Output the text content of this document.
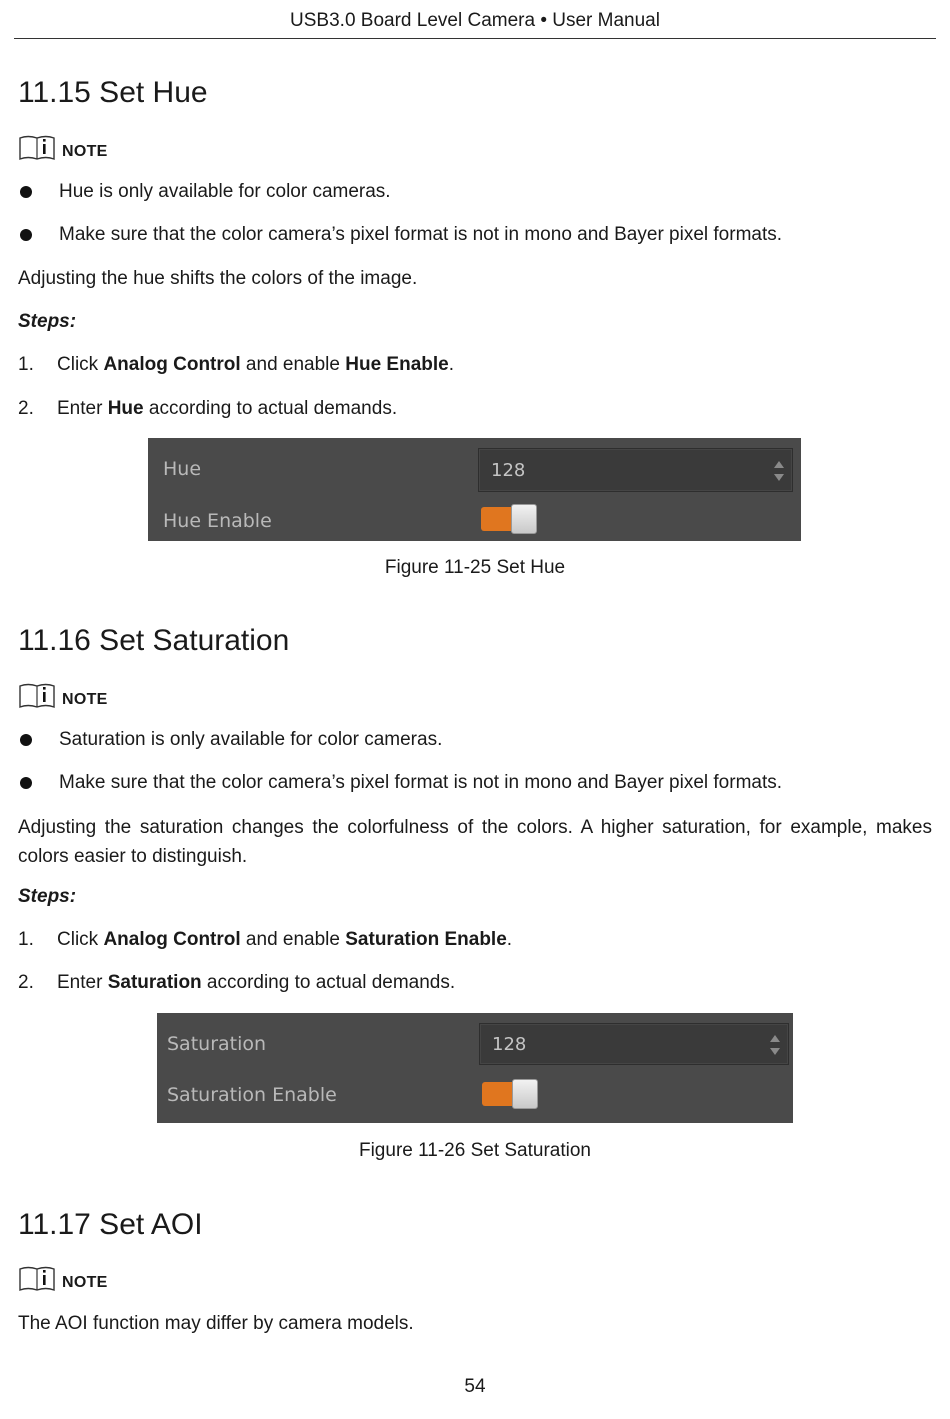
USB3.0 Board Level Camera • User Manual
11.15 Set Hue
NOTE
Hue is only available for color cameras.
Make sure that the color camera’s pixel format is not in mono and Bayer pixel formats.
Adjusting the hue shifts the colors of the image.
Steps:
1. Click Analog Control and enable Hue Enable.
2. Enter Hue according to actual demands.
Hue	128
Hue Enable
Figure 11-25 Set Hue
11.16 Set Saturation
NOTE
Saturation is only available for color cameras.
Make sure that the color camera’s pixel format is not in mono and Bayer pixel formats.
Adjusting the saturation changes the colorfulness of the colors. A higher saturation, for example, makes colors easier to distinguish.
Steps:
1. Click Analog Control and enable Saturation Enable.
2. Enter Saturation according to actual demands.
Saturation	128
Saturation Enable
Figure 11-26 Set Saturation
11.17 Set AOI
NOTE
The AOI function may differ by camera models.
54
